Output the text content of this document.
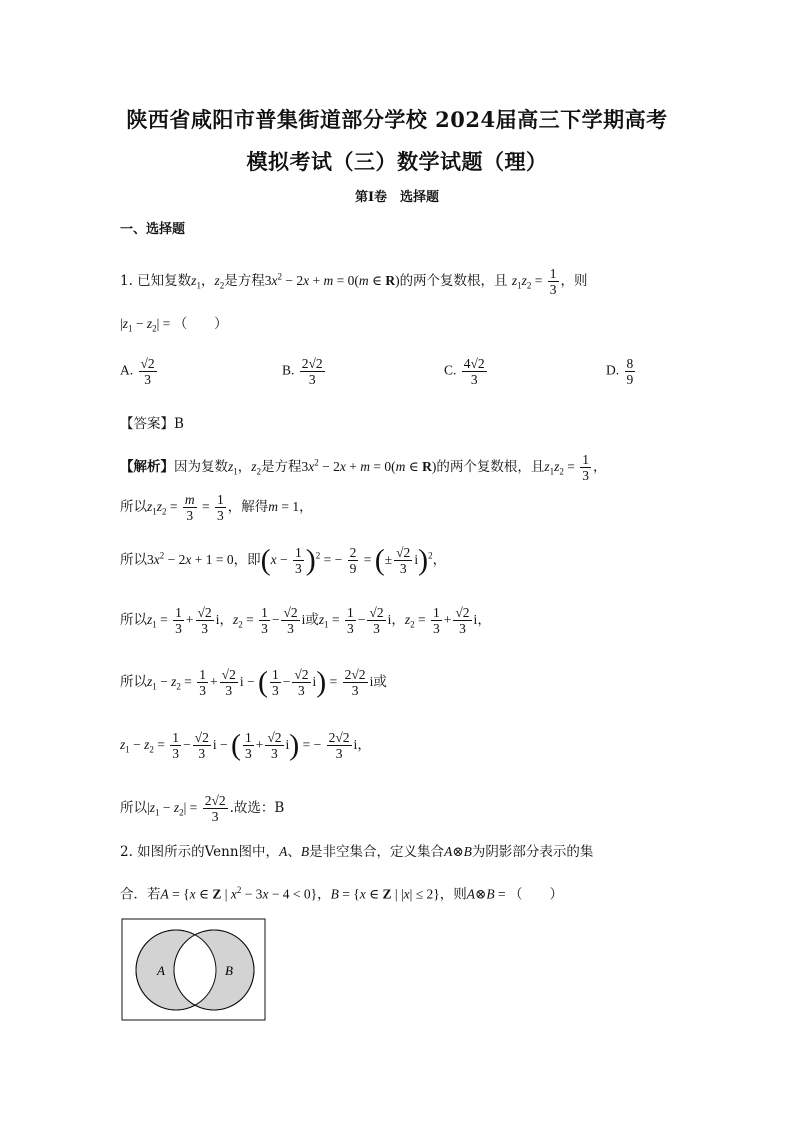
陕西省咸阳市普集街道部分学校 2024届高三下学期高考
模拟考试（三）数学试题（理）
第Ⅰ卷　选择题
一、选择题
1. 已知复数$z_1$，$z_2$是方程$3x^2 - 2x + m = 0(m$ ∈ R)的两个复数根，且 $z_1z_2 = \frac{1}{3}$ ，则
$|z_1 - z_2|$ = （　　）
A. $\frac{√2}{3}$	B. $\frac{2√2}{3}$	C. $\frac{4√2}{3}$	D. $\frac{8}{9}$
【答案】B
【解析】因为复数$z_1$，$z_2$是方程$3x^2 - 2x + m = 0(m$ ∈ R)的两个复数根，且$z_1z_2 = \frac{1}{3}$ ，
所以$z_1z_2 = \frac{m}{3} = \frac{1}{3}$ ，解得m = 1，
所以$3x^2 - 2x + 1 = 0$，即$(x - \frac{1}{3} )^2$ = − $\frac{2}{9}$ = (± $\frac{√2}{3} i)^2$，
所以$z_1 = \frac{1}{3} + \frac{√2}{3}$ i，$z_2 = \frac{1}{3} - \frac{√2}{3}$ i或$z_1 = \frac{1}{3} - \frac{√2}{3}$ i，$z_2 = \frac{1}{3} + \frac{√2}{3}$ i，
所以$z_1 - z_2 = \frac{1}{3} + \frac{√2}{3}$ i − ( $\frac{1}{3} - \frac{√2}{3} i) = \frac{2√2}{3}$ i或
$z_1 - z_2 = \frac{1}{3} - \frac{√2}{3}$ i − ( $\frac{1}{3} + \frac{√2}{3} i$) = − $\frac{2√2}{3}$ i，
所以$|z_1 - z_2| = \frac{2√2}{3}$ .故选：B
2. 如图所示的Venn图中，A、B是非空集合，定义集合A⊗B为阴影部分表示的集
合．若A = {x ∈ Z | $x^2 - 3x - 4 < 0$}，B = {x ∈ Z | |x| ≤ 2}，则A⊗B = （　　）
A	B
